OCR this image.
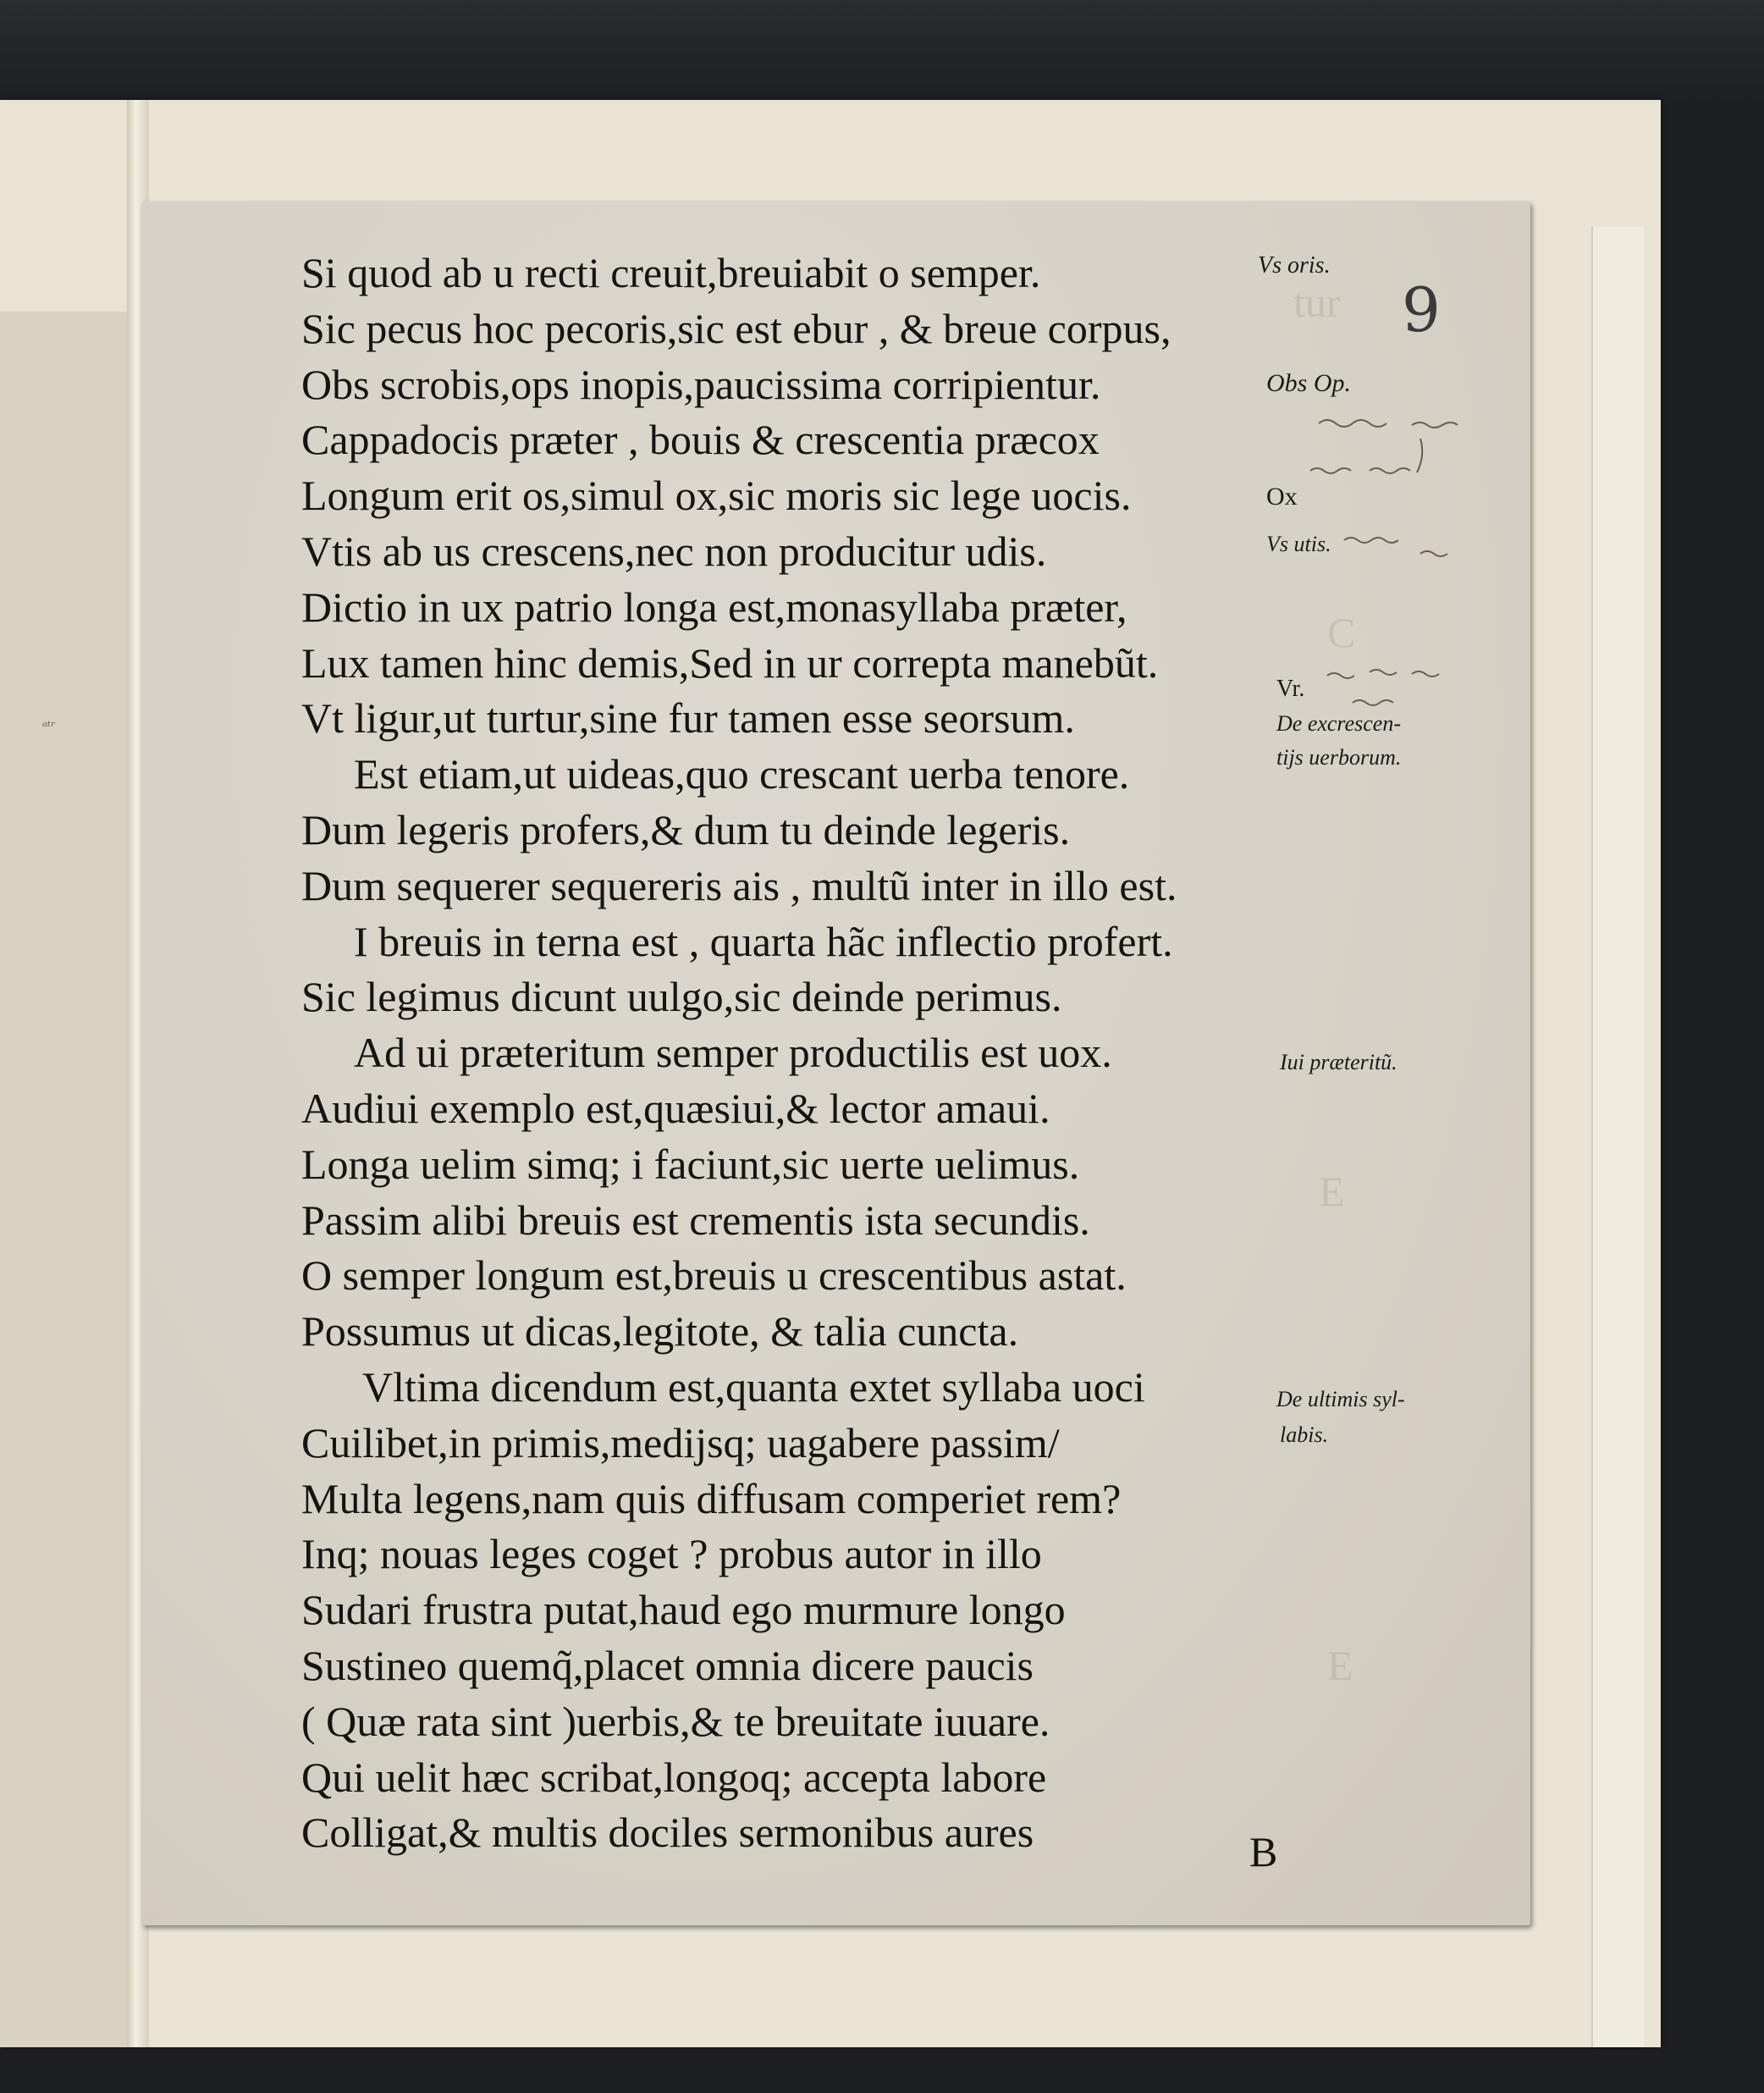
ᵃᵗʳ
tur
C
E
E
Si quod ab u recti creuit,breuiabit o semper.
Sic pecus hoc pecoris,sic est ebur , & breue corpus,
Obs scrobis,ops inopis,paucissima corripientur.
Cappadocis præter , bouis & crescentia præcox
Longum erit os,simul ox,sic moris sic lege uocis.
Vtis ab us crescens,nec non producitur udis.
Dictio in ux patrio longa est,monasyllaba præter,
Lux tamen hinc demis,Sed in ur correpta manebũt.
Vt ligur,ut turtur,sine fur tamen esse seorsum.
Est etiam,ut uideas,quo crescant uerba tenore.
Dum legeris profers,& dum tu deinde legeris.
Dum sequerer sequereris ais , multũ inter in illo est.
I breuis in terna est , quarta hãc inflectio profert.
Sic legimus dicunt uulgo,sic deinde perimus.
Ad ui præteritum semper productilis est uox.
Audiui exemplo est,quæsiui,& lector amaui.
Longa uelim simq; i faciunt,sic uerte uelimus.
Passim alibi breuis est crementis ista secundis.
O semper longum est,breuis u crescentibus astat.
Possumus ut dicas,legitote, & talia cuncta.
Vltima dicendum est,quanta extet syllaba uoci
Cuilibet,in primis,medijsq; uagabere passim/
Multa legens,nam quis diffusam comperiet rem?
Inq; nouas leges coget ? probus autor in illo
Sudari frustra putat,haud ego murmure longo
Sustineo quemq̃,placet omnia dicere paucis
( Quæ rata sint )uerbis,& te breuitate iuuare.
Qui uelit hæc scribat,longoq; accepta labore
Colligat,& multis dociles sermonibus aures
Vs oris.
Obs Op.
Ox
Vs utis.
Vr.
De excrescen-
tijs uerborum.
Iui præteritũ.
De ultimis syl-
labis.
9
B
